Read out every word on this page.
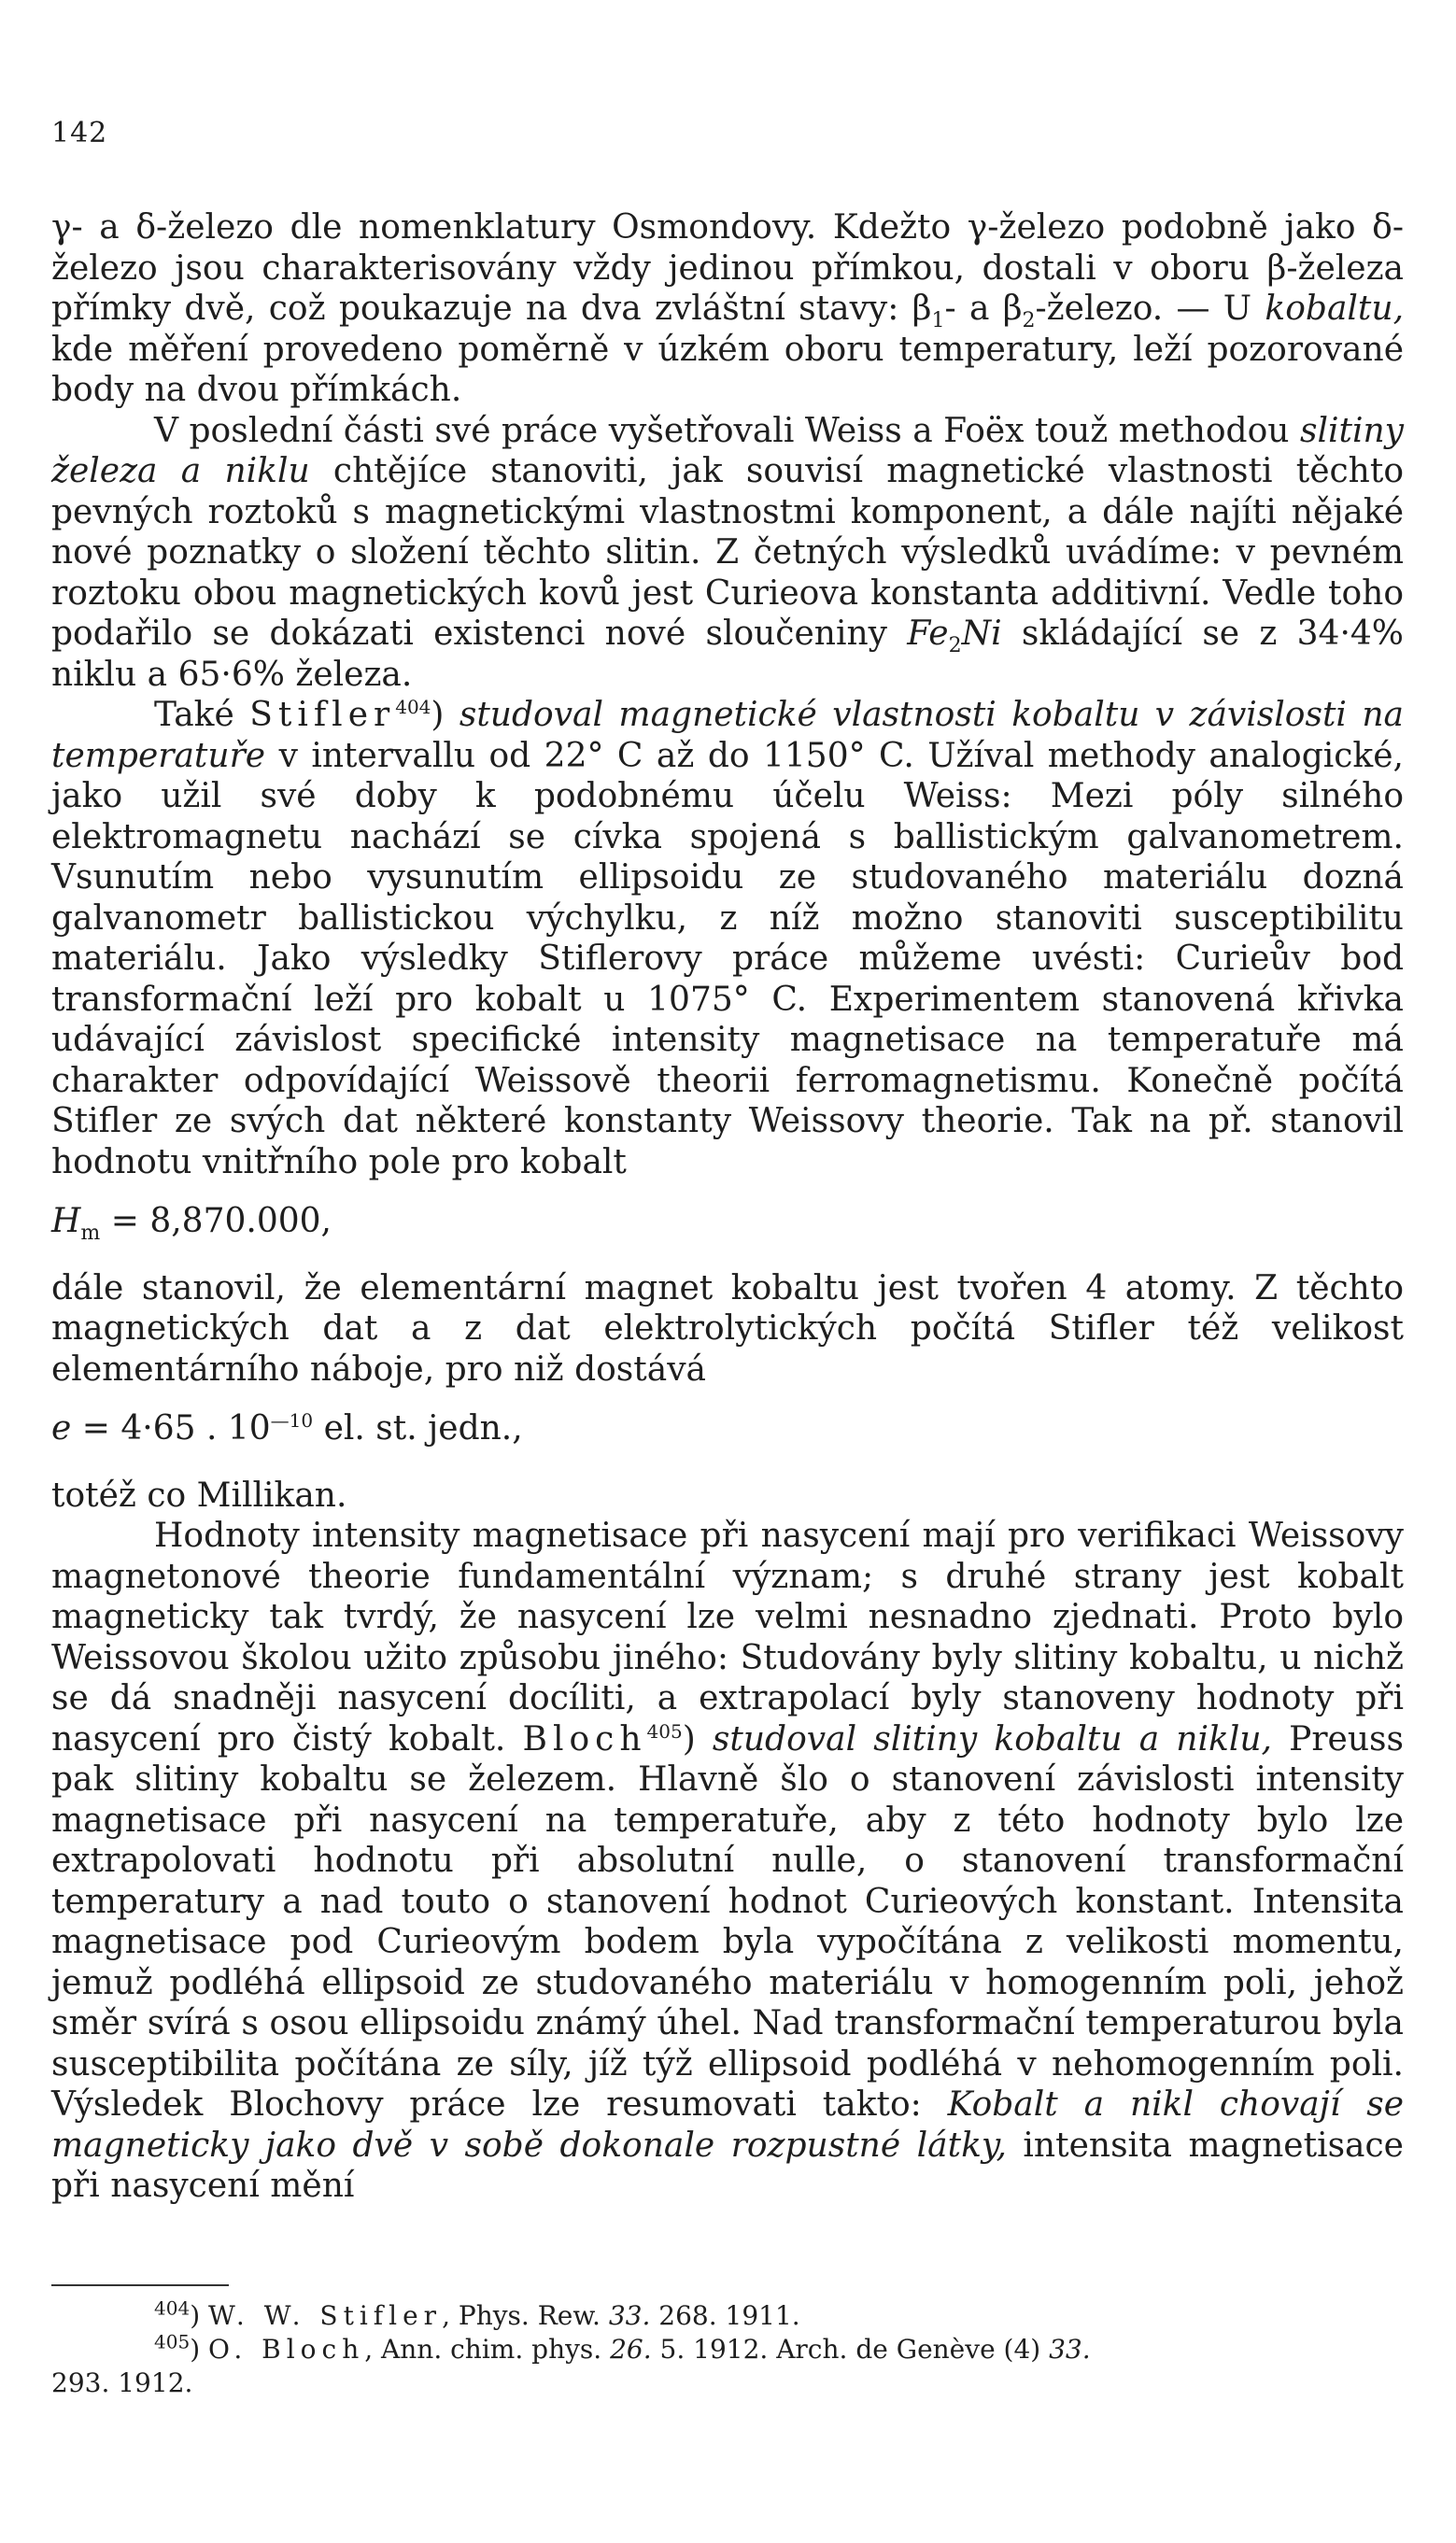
142

γ- a δ-železo dle nomenklatury Osmondovy. Kdežto γ-železo podobně jako δ-železo jsou charakterisovány vždy jedinou přímkou, dostali v oboru β-železa přímky dvě, což poukazuje na dva zvláštní stavy: $\beta_1-$ a $\beta_2$-železo. — U kobaltu, kde měření provedeno poměrně v úzkém oboru temperatury, leží pozorované body na dvou přímkách.

V poslední části své práce vyšetřovali Weiss a Foëx touž methodou slitiny železa a niklu chtějíce stanoviti, jak souvisí magnetické vlastnosti těchto pevných roztoků s magnetickými vlastnostmi komponent, a dále najíti nějaké nové poznatky o složení těchto slitin. Z četných výsledků uvádíme: v pevném roztoku obou magnetických kovů jest Curieova konstanta additivní. Vedle toho podařilo se dokázati existenci nové sloučeniny $Fe_2Ni$ skládající se z 34·4% niklu a 65·6% železa.

Také Stifler$^{404}$) studoval magnetické vlastnosti kobaltu v závislosti na temperatuře v intervallu od 22° C až do 1150° C. Užíval methody analogické, jako užil své doby k podobnému účelu Weiss: Mezi póly silného elektromagnetu nachází se cívka spojená s ballistickým galvanometrem. Vsunutím nebo vysunutím ellipsoidu ze studovaného materiálu dozná galvanometr ballistickou výchylku, z níž možno stanoviti susceptibilitu materiálu. Jako výsledky Stiflerovy práce můžeme uvésti: Curieův bod transformační leží pro kobalt u 1075° C. Experimentem stanovená křivka udávající závislost specifické intensity magnetisace na temperatuře má charakter odpovídající Weissově theorii ferromagnetismu. Konečně počítá Stifler ze svých dat některé konstanty Weissovy theorie. Tak na př. stanovil hodnotu vnitřního pole pro kobalt

$H_m = 8,870.000$,

dále stanovil, že elementární magnet kobaltu jest tvořen 4 atomy. Z těchto magnetických dat a z dat elektrolytických počítá Stifler též velikost elementárního náboje, pro niž dostává

e = 4·65 . $10^{—10}$ el. st. jedn.,

totéž co Millikan.

Hodnoty intensity magnetisace při nasycení mají pro verifikaci Weissovy magnetonové theorie fundamentální význam; s druhé strany jest kobalt magneticky tak tvrdý, že nasycení lze velmi nesnadno zjednati. Proto bylo Weissovou školou užito způsobu jiného: Studovány byly slitiny kobaltu, u nichž se dá snadněji nasycení docíliti, a extrapolací byly stanoveny hodnoty při nasycení pro čistý kobalt. Bloch$^{405}$) studoval slitiny kobaltu a niklu, Preuss pak slitiny kobaltu se železem. Hlavně šlo o stanovení závislosti intensity magnetisace při nasycení na temperatuře, aby z této hodnoty bylo lze extrapolovati hodnotu při absolutní nulle, o stanovení transformační temperatury a nad touto o stanovení hodnot Curieových konstant. Intensita magnetisace pod Curieovým bodem byla vypočítána z velikosti momentu, jemuž podléhá ellipsoid ze studovaného materiálu v homogenním poli, jehož směr svírá s osou ellipsoidu známý úhel. Nad transformační temperaturou byla susceptibilita počítána ze síly, jíž týž ellipsoid podléhá v nehomogenním poli. Výsledek Blochovy práce lze resumovati takto: Kobalt a nikl chovají se magneticky jako dvě v sobě dokonale rozpustné látky, intensita magnetisace při nasycení mění

$^{404}$) W. W. Stifler, Phys. Rew. 33. 268. 1911.

$^{405}$) O. Bloch, Ann. chim. phys. 26. 5. 1912. Arch. de Genève (4) 33.

293. 1912.
